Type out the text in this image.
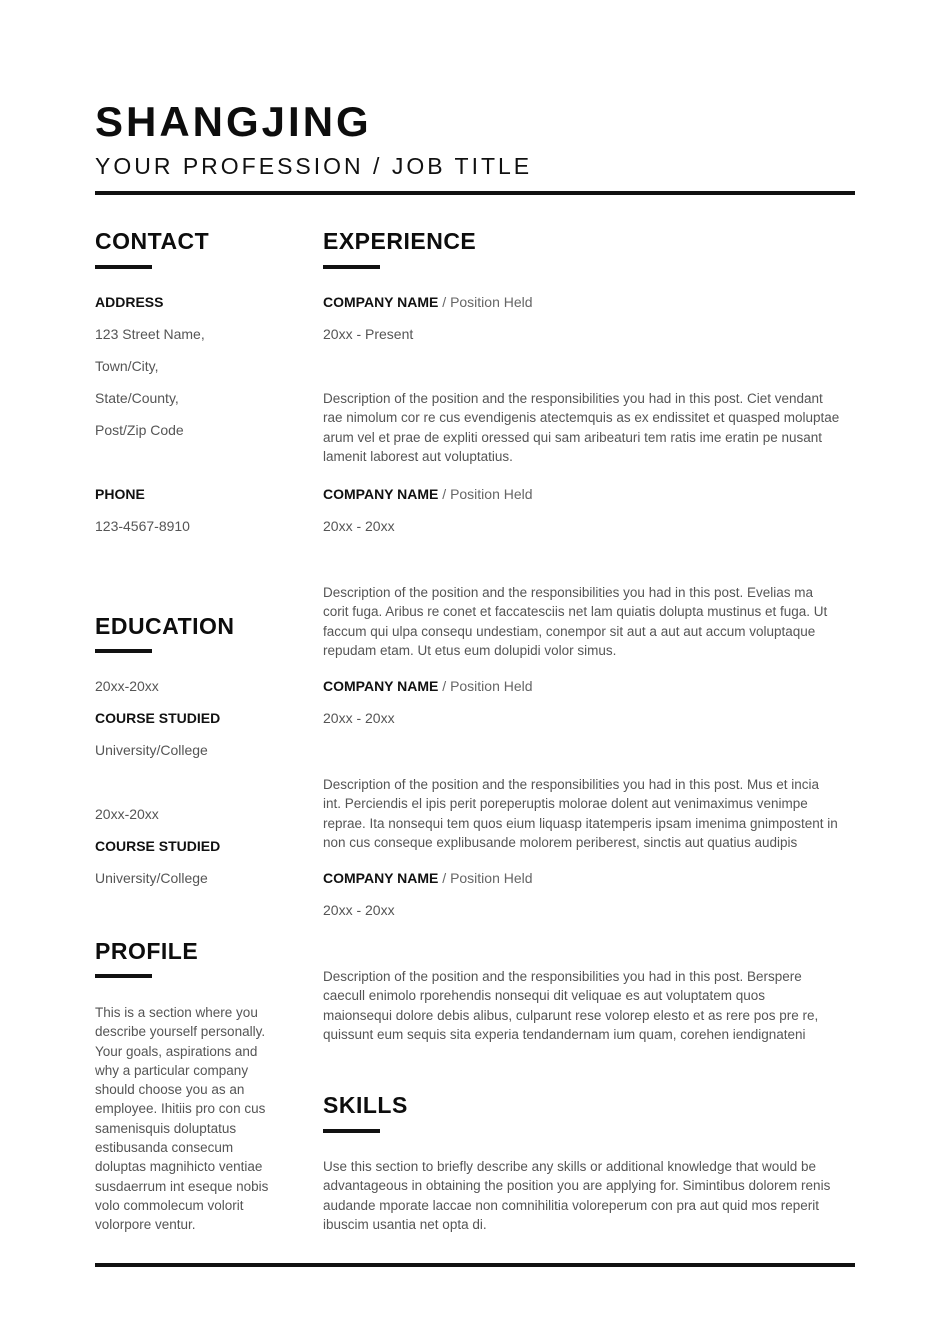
SHANGJING
YOUR PROFESSION / JOB TITLE
CONTACT
ADDRESS
123 Street Name,
Town/City,
State/County,
Post/Zip Code
PHONE
123-4567-8910
EDUCATION
20xx-20xx
COURSE STUDIED
University/College
20xx-20xx
COURSE STUDIED
University/College
PROFILE
This is a section where you
describe yourself personally.
Your goals, aspirations and
why a particular company
should choose you as an
employee. Ihitiis pro con cus
samenisquis doluptatus
estibusanda consecum
doluptas magnihicto ventiae
susdaerrum int eseque nobis
volo commolecum volorit
volorpore ventur.
EXPERIENCE
COMPANY NAME / Position Held
20xx - Present
Description of the position and the responsibilities you had in this post. Ciet vendant
rae nimolum cor re cus evendigenis atectemquis as ex endissitet et quasped moluptae
arum vel et prae de expliti oressed qui sam aribeaturi tem ratis ime eratin pe nusant
lamenit laborest aut voluptatius.
COMPANY NAME / Position Held
20xx - 20xx
Description of the position and the responsibilities you had in this post. Evelias ma
corit fuga. Aribus re conet et faccatesciis net lam quiatis dolupta mustinus et fuga. Ut
faccum qui ulpa consequ undestiam, conempor sit aut a aut aut accum voluptaque
repudam etam. Ut etus eum dolupidi volor simus.
COMPANY NAME / Position Held
20xx - 20xx
Description of the position and the responsibilities you had in this post. Mus et incia
int. Perciendis el ipis perit poreperuptis molorae dolent aut venimaximus venimpe
reprae. Ita nonsequi tem quos eium liquasp itatemperis ipsam imenima gnimpostent in
non cus conseque explibusande molorem periberest, sinctis aut quatius audipis
COMPANY NAME / Position Held
20xx - 20xx
Description of the position and the responsibilities you had in this post. Berspere
caecull enimolo rporehendis nonsequi dit veliquae es aut voluptatem quos
maionsequi dolore debis alibus, culparunt rese volorep elesto et as rere pos pre re,
quissunt eum sequis sita experia tendandernam ium quam, corehen iendignateni
SKILLS
Use this section to briefly describe any skills or additional knowledge that would be
advantageous in obtaining the position you are applying for. Simintibus dolorem renis
audande mporate laccae non comnihilitia voloreperum con pra aut quid mos reperit
ibuscim usantia net opta di.
